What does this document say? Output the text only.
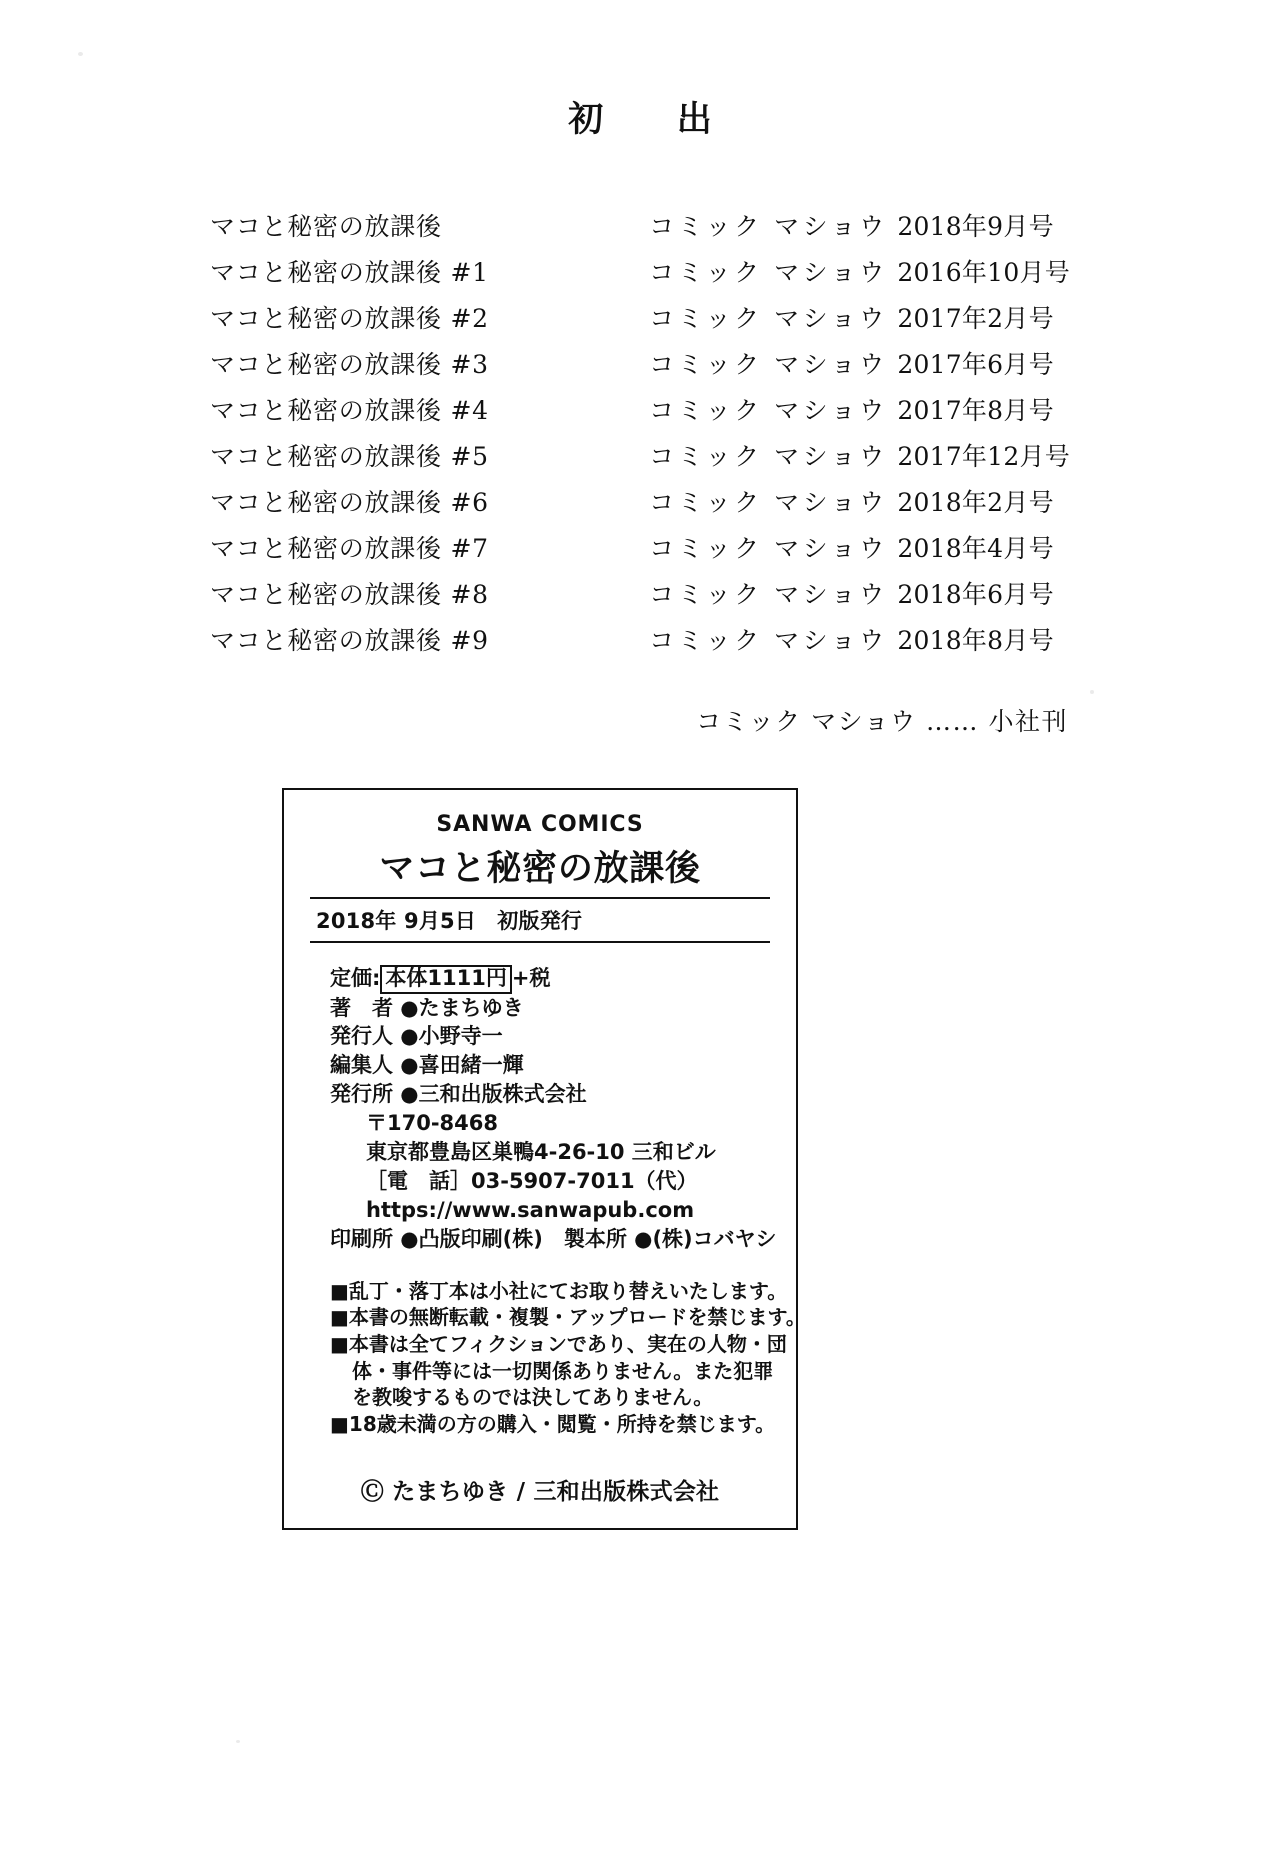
初　出
マコと秘密の放課後	コミック マショウ	2018年9月号
マコと秘密の放課後 #1	コミック マショウ	2016年10月号
マコと秘密の放課後 #2	コミック マショウ	2017年2月号
マコと秘密の放課後 #3	コミック マショウ	2017年6月号
マコと秘密の放課後 #4	コミック マショウ	2017年8月号
マコと秘密の放課後 #5	コミック マショウ	2017年12月号
マコと秘密の放課後 #6	コミック マショウ	2018年2月号
マコと秘密の放課後 #7	コミック マショウ	2018年4月号
マコと秘密の放課後 #8	コミック マショウ	2018年6月号
マコと秘密の放課後 #9	コミック マショウ	2018年8月号
コミック マショウ …… 小社刊
SANWA COMICS
マコと秘密の放課後
2018年 9月5日　初版発行
定価: 本体1111円 +税
著　者 ●たまちゆき
発行人 ●小野寺一
編集人 ●喜田緒一輝
発行所 ●三和出版株式会社
〒170-8468
東京都豊島区巣鴨4-26-10 三和ビル
［電　話］03-5907-7011（代）
https://www.sanwapub.com
印刷所 ●凸版印刷(株)　製本所 ●(株)コバヤシ

■乱丁・落丁本は小社にてお取り替えいたします。

■本書の無断転載・複製・アップロードを禁じます。

■本書は全てフィクションであり、実在の人物・団

体・事件等には一切関係ありません。また犯罪

を教唆するものでは決してありません。

■18歳未満の方の購入・閲覧・所持を禁じます。

Ⓒ たまちゆき / 三和出版株式会社
